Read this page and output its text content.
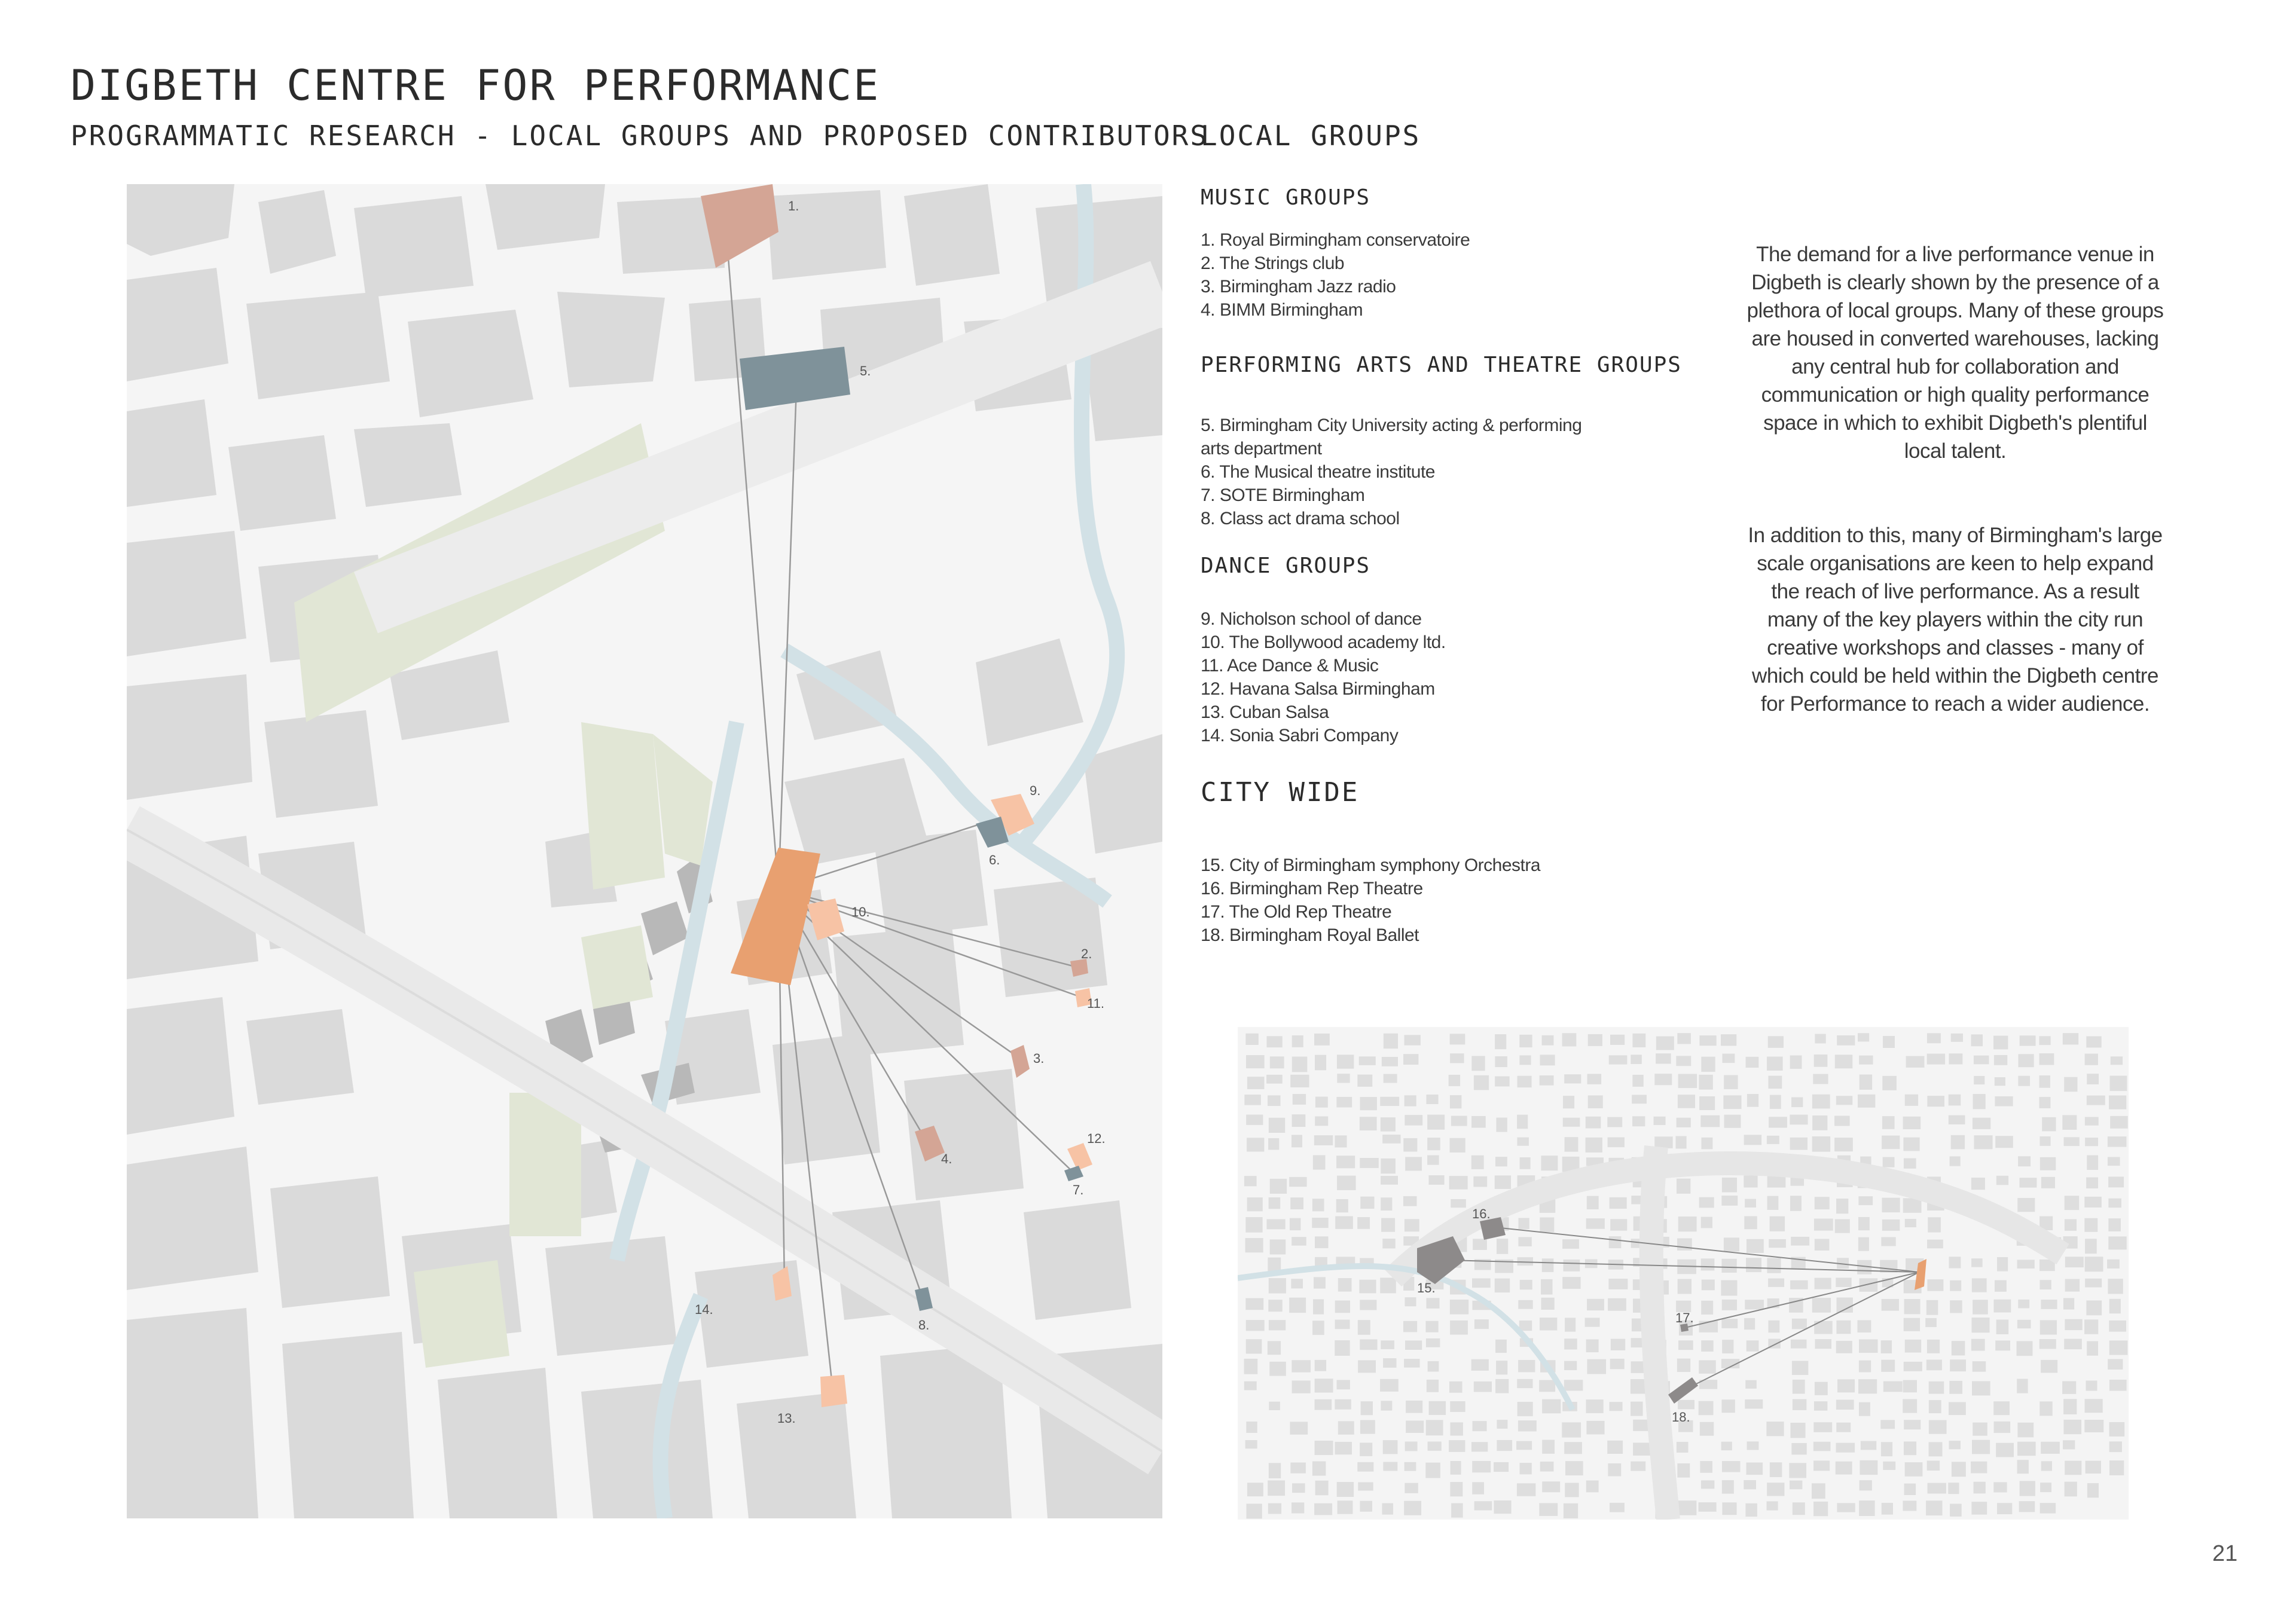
DIGBETH CENTRE FOR PERFORMANCE
PROGRAMMATIC RESEARCH - LOCAL GROUPS AND PROPOSED CONTRIBUTORS
LOCAL GROUPS
MUSIC GROUPS
1. Royal Birmingham conservatoire
2. The Strings club
3. Birmingham Jazz radio
4. BIMM Birmingham
PERFORMING ARTS AND THEATRE GROUPS
5. Birmingham City University acting & performing
arts department
6. The Musical theatre institute
7. SOTE Birmingham
8. Class act drama school
DANCE GROUPS
9. Nicholson school of dance
10. The Bollywood academy ltd.
11. Ace Dance & Music
12. Havana Salsa Birmingham
13. Cuban Salsa
14. Sonia Sabri Company
CITY WIDE
15. City of Birmingham symphony Orchestra
16. Birmingham Rep Theatre
17. The Old Rep Theatre
18. Birmingham Royal Ballet
The demand for a live performance venue in Digbeth is clearly shown by the presence of a plethora of local groups. Many of these groups are housed in converted warehouses, lacking any central hub for collaboration and communication or high quality performance space in which to exhibit Digbeth's plentiful local talent.
In addition to this, many of Birmingham's large scale organisations are keen to help expand the reach of live performance. As a result many of the key players within the city run creative workshops and classes - many of which could be held within the Digbeth centre for Performance to reach a wider audience.
1.
2.
3.
4.
5.
6.
7.
8.
9.
10.
11.
12.
13.
14.
15.
16.
17.
18.
21
